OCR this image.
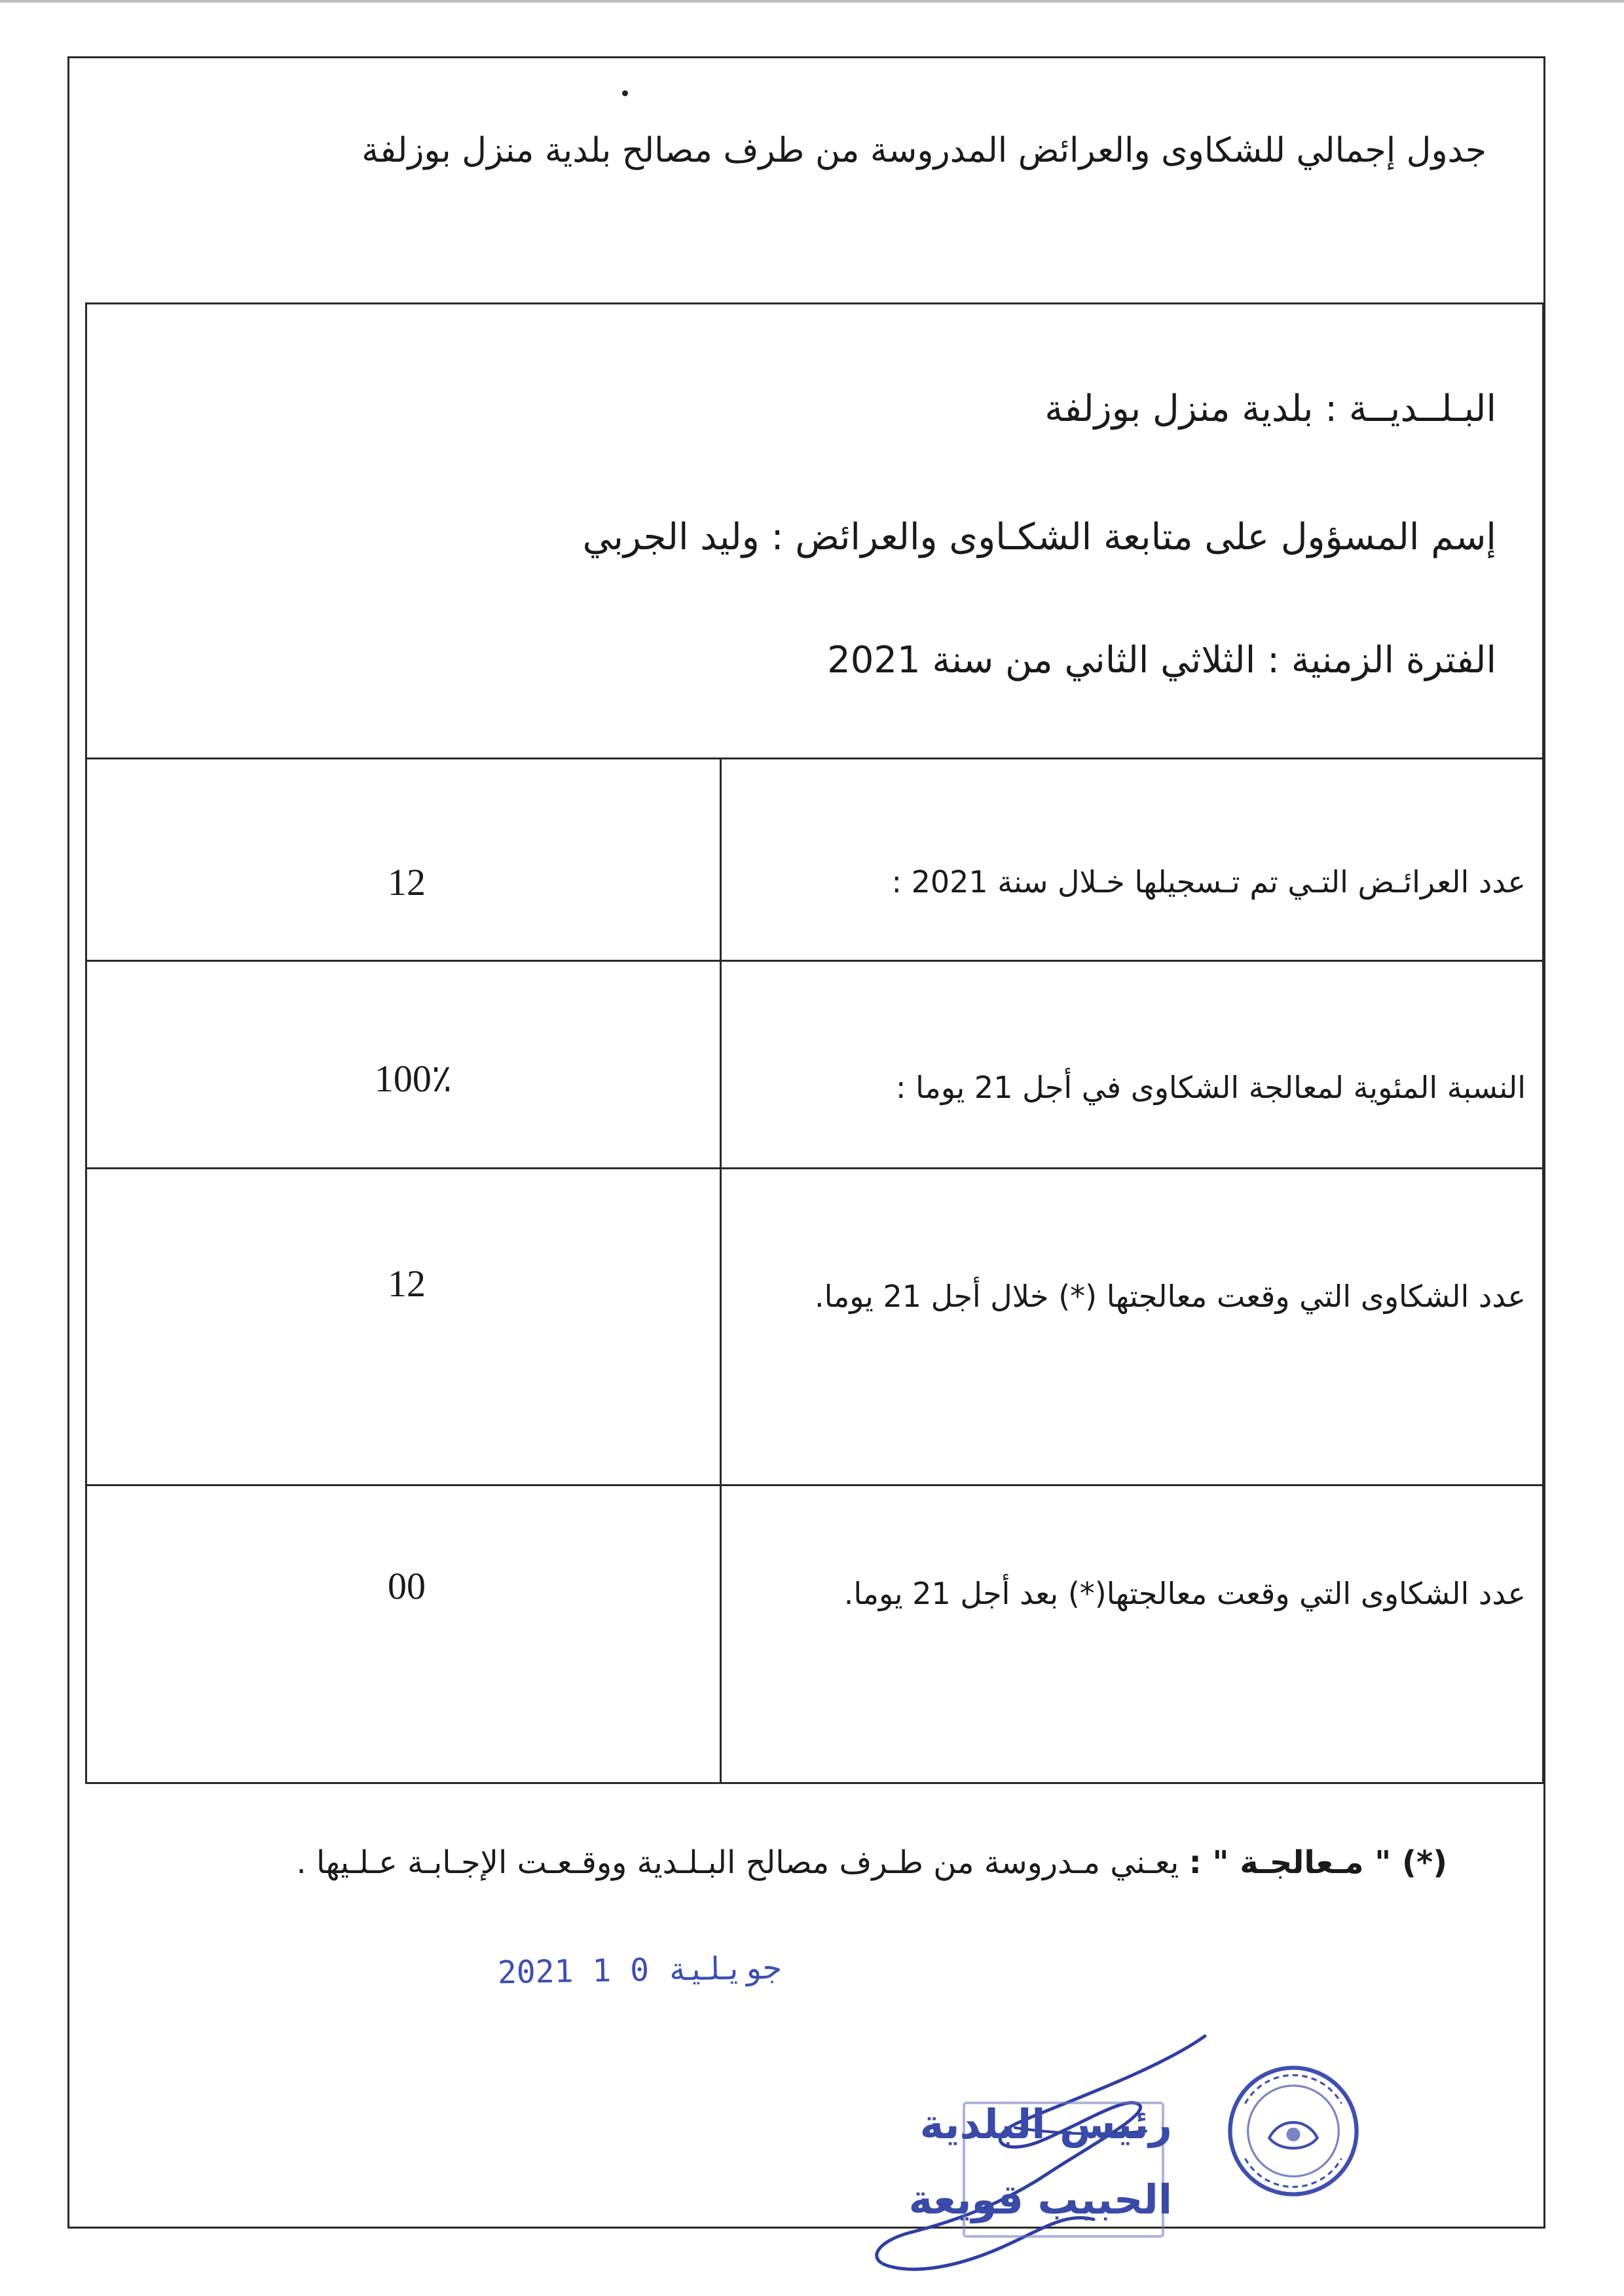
جدول إجمالي للشكاوى والعرائض المدروسة من طرف مصالح بلدية منزل بوزلفة
البـلــديــة : بلدية منزل بوزلفة
إسم المسؤول على متابعة الشكـاوى والعرائض : وليد الجربي
الفترة الزمنية : الثلاثي الثاني من سنة 2021
عدد العرائـض التـي تم تـسجيلها خـلال سنة 2021 :
12
النسبة المئوية لمعالجة الشكاوى في أجل 21 يوما :
100٪
عدد الشكاوى التي وقعت معالجتها (*) خلال أجل 21 يوما.
12
عدد الشكاوى التي وقعت معالجتها(*) بعد أجل 21 يوما.
00
(*) " مـعالجـة " : يعـني مـدروسة من طـرف مصالح البـلـدية ووقـعـت الإجـابـة عـلـيها .
2021 جويلية 0 1
رئيس البلدية
الحبيب قويعة
